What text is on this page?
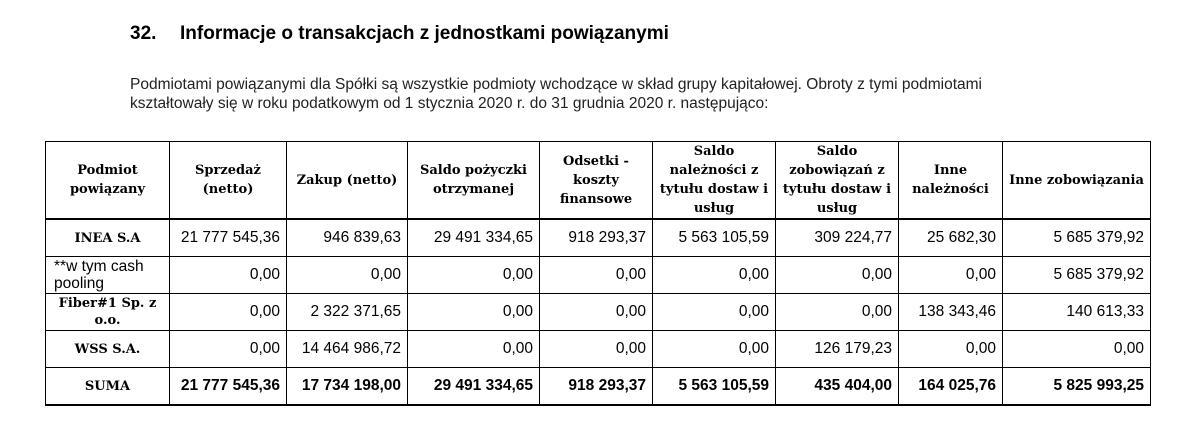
32. Informacje o transakcjach z jednostkami powiązanymi
Podmiotami powiązanymi dla Spółki są wszystkie podmioty wchodzące w skład grupy kapitałowej. Obroty z tymi podmiotami
kształtowały się w roku podatkowym od 1 stycznia 2020 r. do 31 grudnia 2020 r. następująco:
Podmiot powiązany	Sprzedaż (netto)	Zakup (netto)	Saldo pożyczki otrzymanej	Odsetki - koszty finansowe	Saldo należności z tytułu dostaw i usług	Saldo zobowiązań z tytułu dostaw i usług	Inne należności	Inne zobowiązania
INEA S.A	21 777 545,36	946 839,63	29 491 334,65	918 293,37	5 563 105,59	309 224,77	25 682,30	5 685 379,92
**w tym cash pooling	0,00	0,00	0,00	0,00	0,00	0,00	0,00	5 685 379,92
Fiber#1 Sp. z o.o.	0,00	2 322 371,65	0,00	0,00	0,00	0,00	138 343,46	140 613,33
WSS S.A.	0,00	14 464 986,72	0,00	0,00	0,00	126 179,23	0,00	0,00
SUMA	21 777 545,36	17 734 198,00	29 491 334,65	918 293,37	5 563 105,59	435 404,00	164 025,76	5 825 993,25
